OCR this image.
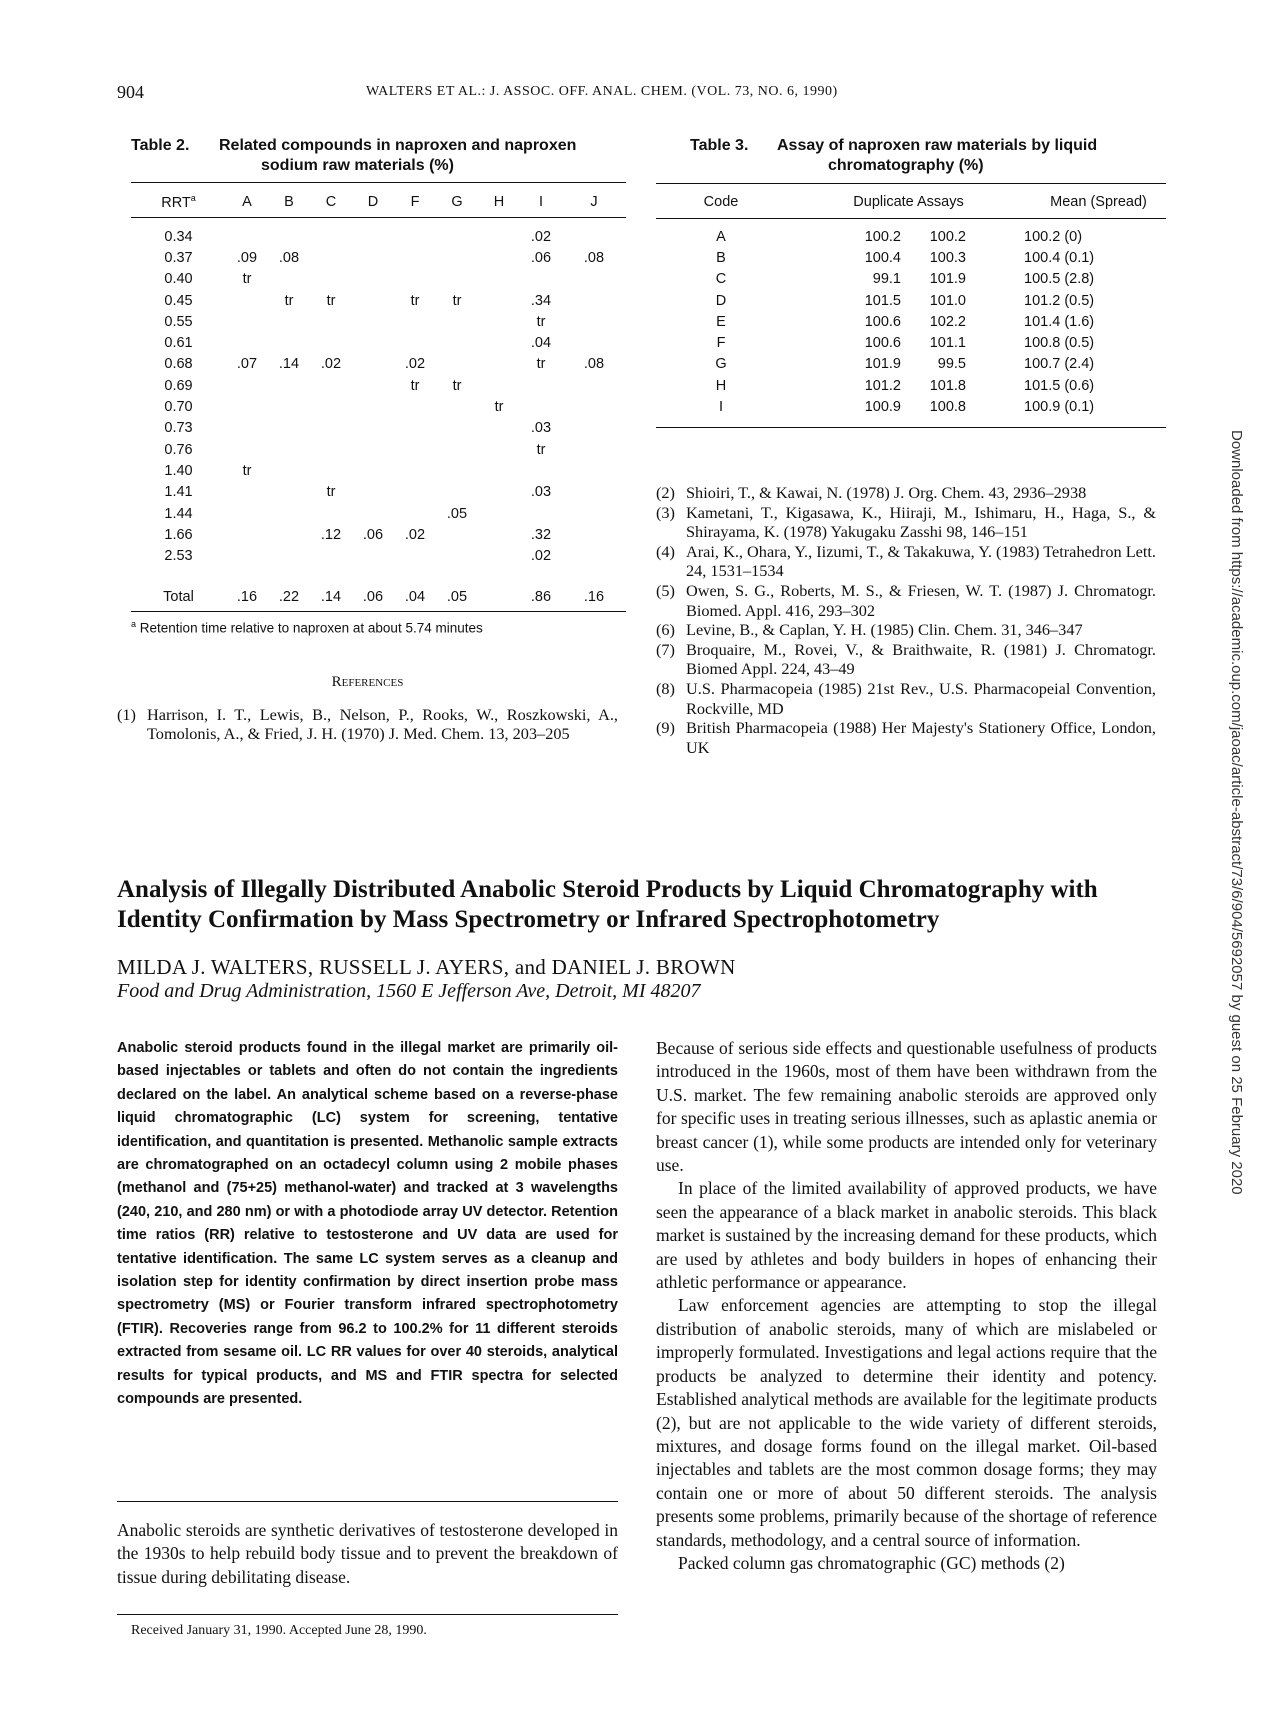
904	WALTERS ET AL.: J. ASSOC. OFF. ANAL. CHEM. (VOL. 73, NO. 6, 1990)
Table 2. Related compounds in naproxen and naproxen
sodium raw materials (%)
RRT$^a$	A	B	C	D	F	G	H	I	J
0.34								.02	
0.37	.09	.08						.06	.08
0.40	tr								
0.45		tr	tr		tr	tr		.34	
0.55								tr	
0.61								.04	
0.68	.07	.14	.02		.02			tr	.08
0.69					tr	tr			
0.70							tr		
0.73								.03	
0.76								tr	
1.40	tr								
1.41			tr					.03	
1.44						.05			
1.66			.12	.06	.02			.32	
2.53								.02	
Total	.16	.22	.14	.06	.04	.05		.86	.16
$^a$ Retention time relative to naproxen at about 5.74 minutes
Table 3. Assay of naproxen raw materials by liquid
chromatography (%)
Code	Duplicate Assays	Mean (Spread)
A	100.2	100.2	100.2 (0)
B	100.4	100.3	100.4 (0.1)
C	99.1	101.9	100.5 (2.8)
D	101.5	101.0	101.2 (0.5)
E	100.6	102.2	101.4 (1.6)
F	100.6	101.1	100.8 (0.5)
G	101.9	99.5	100.7 (2.4)
H	101.2	101.8	101.5 (0.6)
I	100.9	100.8	100.9 (0.1)
References

(1) Harrison, I. T., Lewis, B., Nelson, P., Rooks, W., Roszkowski, A., Tomolonis, A., & Fried, J. H. (1970) J. Med. Chem. 13, 203–205

(2) Shioiri, T., & Kawai, N. (1978) J. Org. Chem. 43, 2936–2938

(3) Kametani, T., Kigasawa, K., Hiiraji, M., Ishimaru, H., Haga, S., & Shirayama, K. (1978) Yakugaku Zasshi 98, 146–151

(4) Arai, K., Ohara, Y., Iizumi, T., & Takakuwa, Y. (1983) Tetrahedron Lett. 24, 1531–1534

(5) Owen, S. G., Roberts, M. S., & Friesen, W. T. (1987) J. Chromatogr. Biomed. Appl. 416, 293–302

(6) Levine, B., & Caplan, Y. H. (1985) Clin. Chem. 31, 346–347

(7) Broquaire, M., Rovei, V., & Braithwaite, R. (1981) J. Chromatogr. Biomed Appl. 224, 43–49

(8) U.S. Pharmacopeia (1985) 21st Rev., U.S. Pharmacopeial Convention, Rockville, MD

(9) British Pharmacopeia (1988) Her Majesty's Stationery Office, London, UK

Analysis of Illegally Distributed Anabolic Steroid Products by Liquid Chromatography with Identity Confirmation by Mass Spectrometry or Infrared Spectrophotometry
MILDA J. WALTERS, RUSSELL J. AYERS, and DANIEL J. BROWN
Food and Drug Administration, 1560 E Jefferson Ave, Detroit, MI 48207

Anabolic steroid products found in the illegal market are primarily oil-based injectables or tablets and often do not contain the ingredients declared on the label. An analytical scheme based on a reverse-phase liquid chromatographic (LC) system for screening, tentative identification, and quantitation is presented. Methanolic sample extracts are chromatographed on an octadecyl column using 2 mobile phases (methanol and (75+25) methanol-water) and tracked at 3 wavelengths (240, 210, and 280 nm) or with a photodiode array UV detector. Retention time ratios (RR) relative to testosterone and UV data are used for tentative identification. The same LC system serves as a cleanup and isolation step for identity confirmation by direct insertion probe mass spectrometry (MS) or Fourier transform infrared spectrophotometry (FTIR). Recoveries range from 96.2 to 100.2% for 11 different steroids extracted from sesame oil. LC RR values for over 40 steroids, analytical results for typical products, and MS and FTIR spectra for selected compounds are presented.

Anabolic steroids are synthetic derivatives of testosterone developed in the 1930s to help rebuild body tissue and to prevent the breakdown of tissue during debilitating disease.

Received January 31, 1990. Accepted June 28, 1990.

Because of serious side effects and questionable usefulness of products introduced in the 1960s, most of them have been withdrawn from the U.S. market. The few remaining anabolic steroids are approved only for specific uses in treating serious illnesses, such as aplastic anemia or breast cancer (1), while some products are intended only for veterinary use.

In place of the limited availability of approved products, we have seen the appearance of a black market in anabolic steroids. This black market is sustained by the increasing demand for these products, which are used by athletes and body builders in hopes of enhancing their athletic performance or appearance.

Law enforcement agencies are attempting to stop the illegal distribution of anabolic steroids, many of which are mislabeled or improperly formulated. Investigations and legal actions require that the products be analyzed to determine their identity and potency. Established analytical methods are available for the legitimate products (2), but are not applicable to the wide variety of different steroids, mixtures, and dosage forms found on the illegal market. Oil-based injectables and tablets are the most common dosage forms; they may contain one or more of about 50 different steroids. The analysis presents some problems, primarily because of the shortage of reference standards, methodology, and a central source of information.

Packed column gas chromatographic (GC) methods (2)

Downloaded from https://academic.oup.com/jaoac/article-abstract/73/6/904/5692057 by guest on 25 February 2020
